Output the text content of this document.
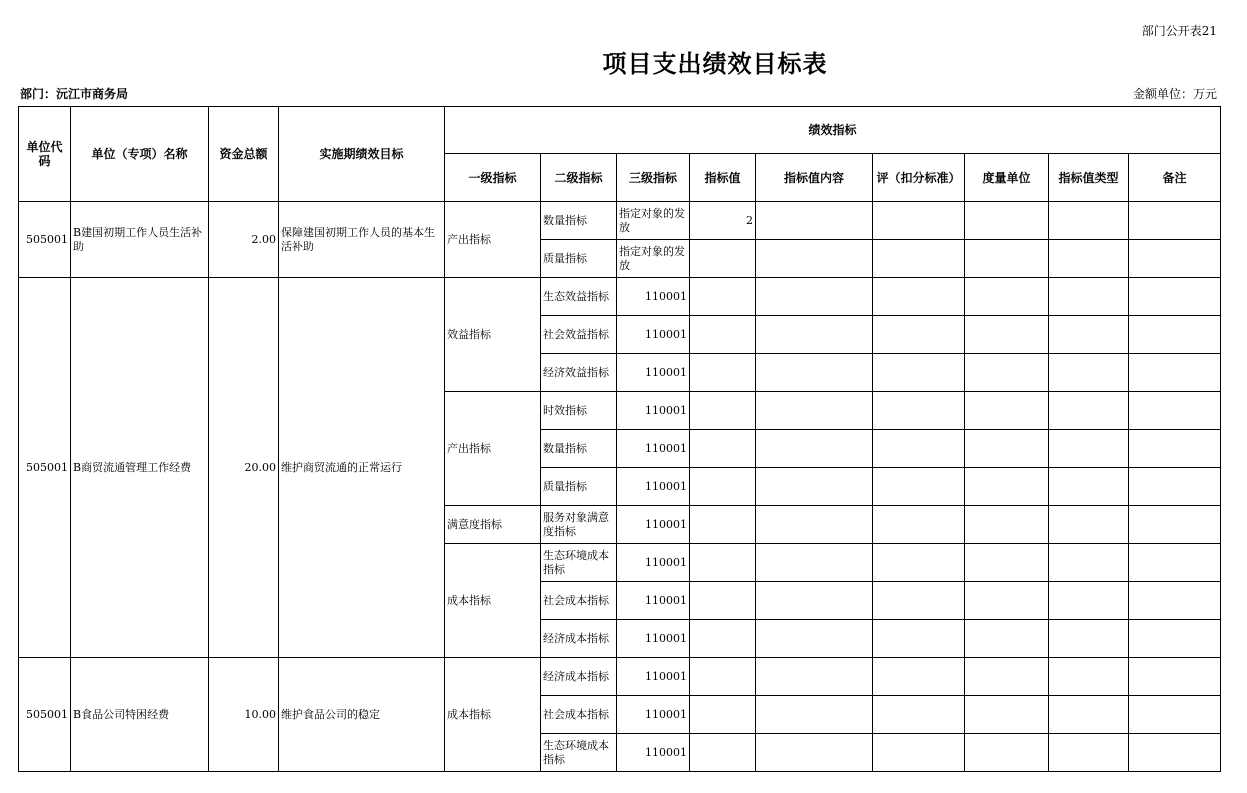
部门公开表21
项目支出绩效目标表
部门：沅江市商务局	金额单位：万元
单位代码	单位（专项）名称	资金总额	实施期绩效目标	绩效指标								
				一级指标	二级指标	三级指标	指标值	指标值内容	评（扣分标准）	度量单位	指标值类型	备注
505001	B建国初期工作人员生活补助	2.00	保障建国初期工作人员的基本生活补助	产出指标	数量指标	指定对象的发放	2					
					质量指标	指定对象的发放						
505001	B商贸流通管理工作经费	20.00	维护商贸流通的正常运行	效益指标	生态效益指标	110001						
					社会效益指标	110001						
					经济效益指标	110001						
				产出指标	时效指标	110001						
					数量指标	110001						
					质量指标	110001						
				满意度指标	服务对象满意度指标	110001						
				成本指标	生态环境成本指标	110001						
					社会成本指标	110001						
					经济成本指标	110001						
505001	B食品公司特困经费	10.00	维护食品公司的稳定	成本指标	经济成本指标	110001						
					社会成本指标	110001						
					生态环境成本指标	110001						
